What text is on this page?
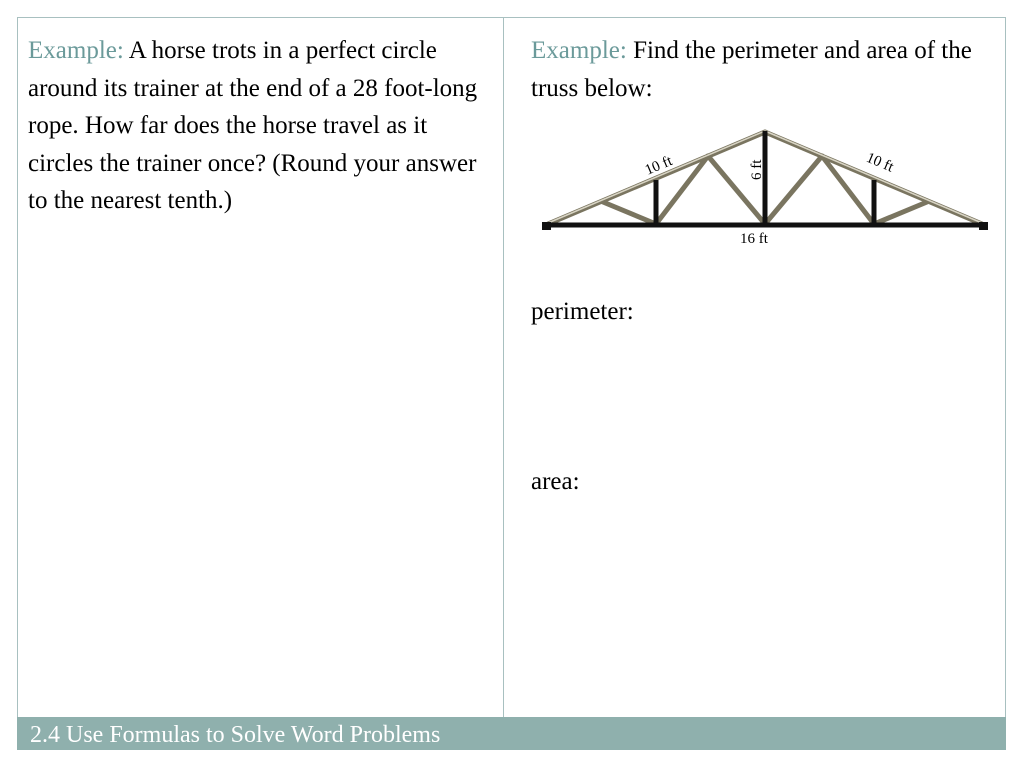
Example: A horse trots in a perfect circle around its trainer at the end of a 28 foot-long rope. How far does the horse travel as it circles the trainer once? (Round your answer to the nearest tenth.)
Example: Find the perimeter and area of the truss below:
10 ft	10 ft
6 ft
16 ft
perimeter:
area:
2.4 Use Formulas to Solve Word Problems
